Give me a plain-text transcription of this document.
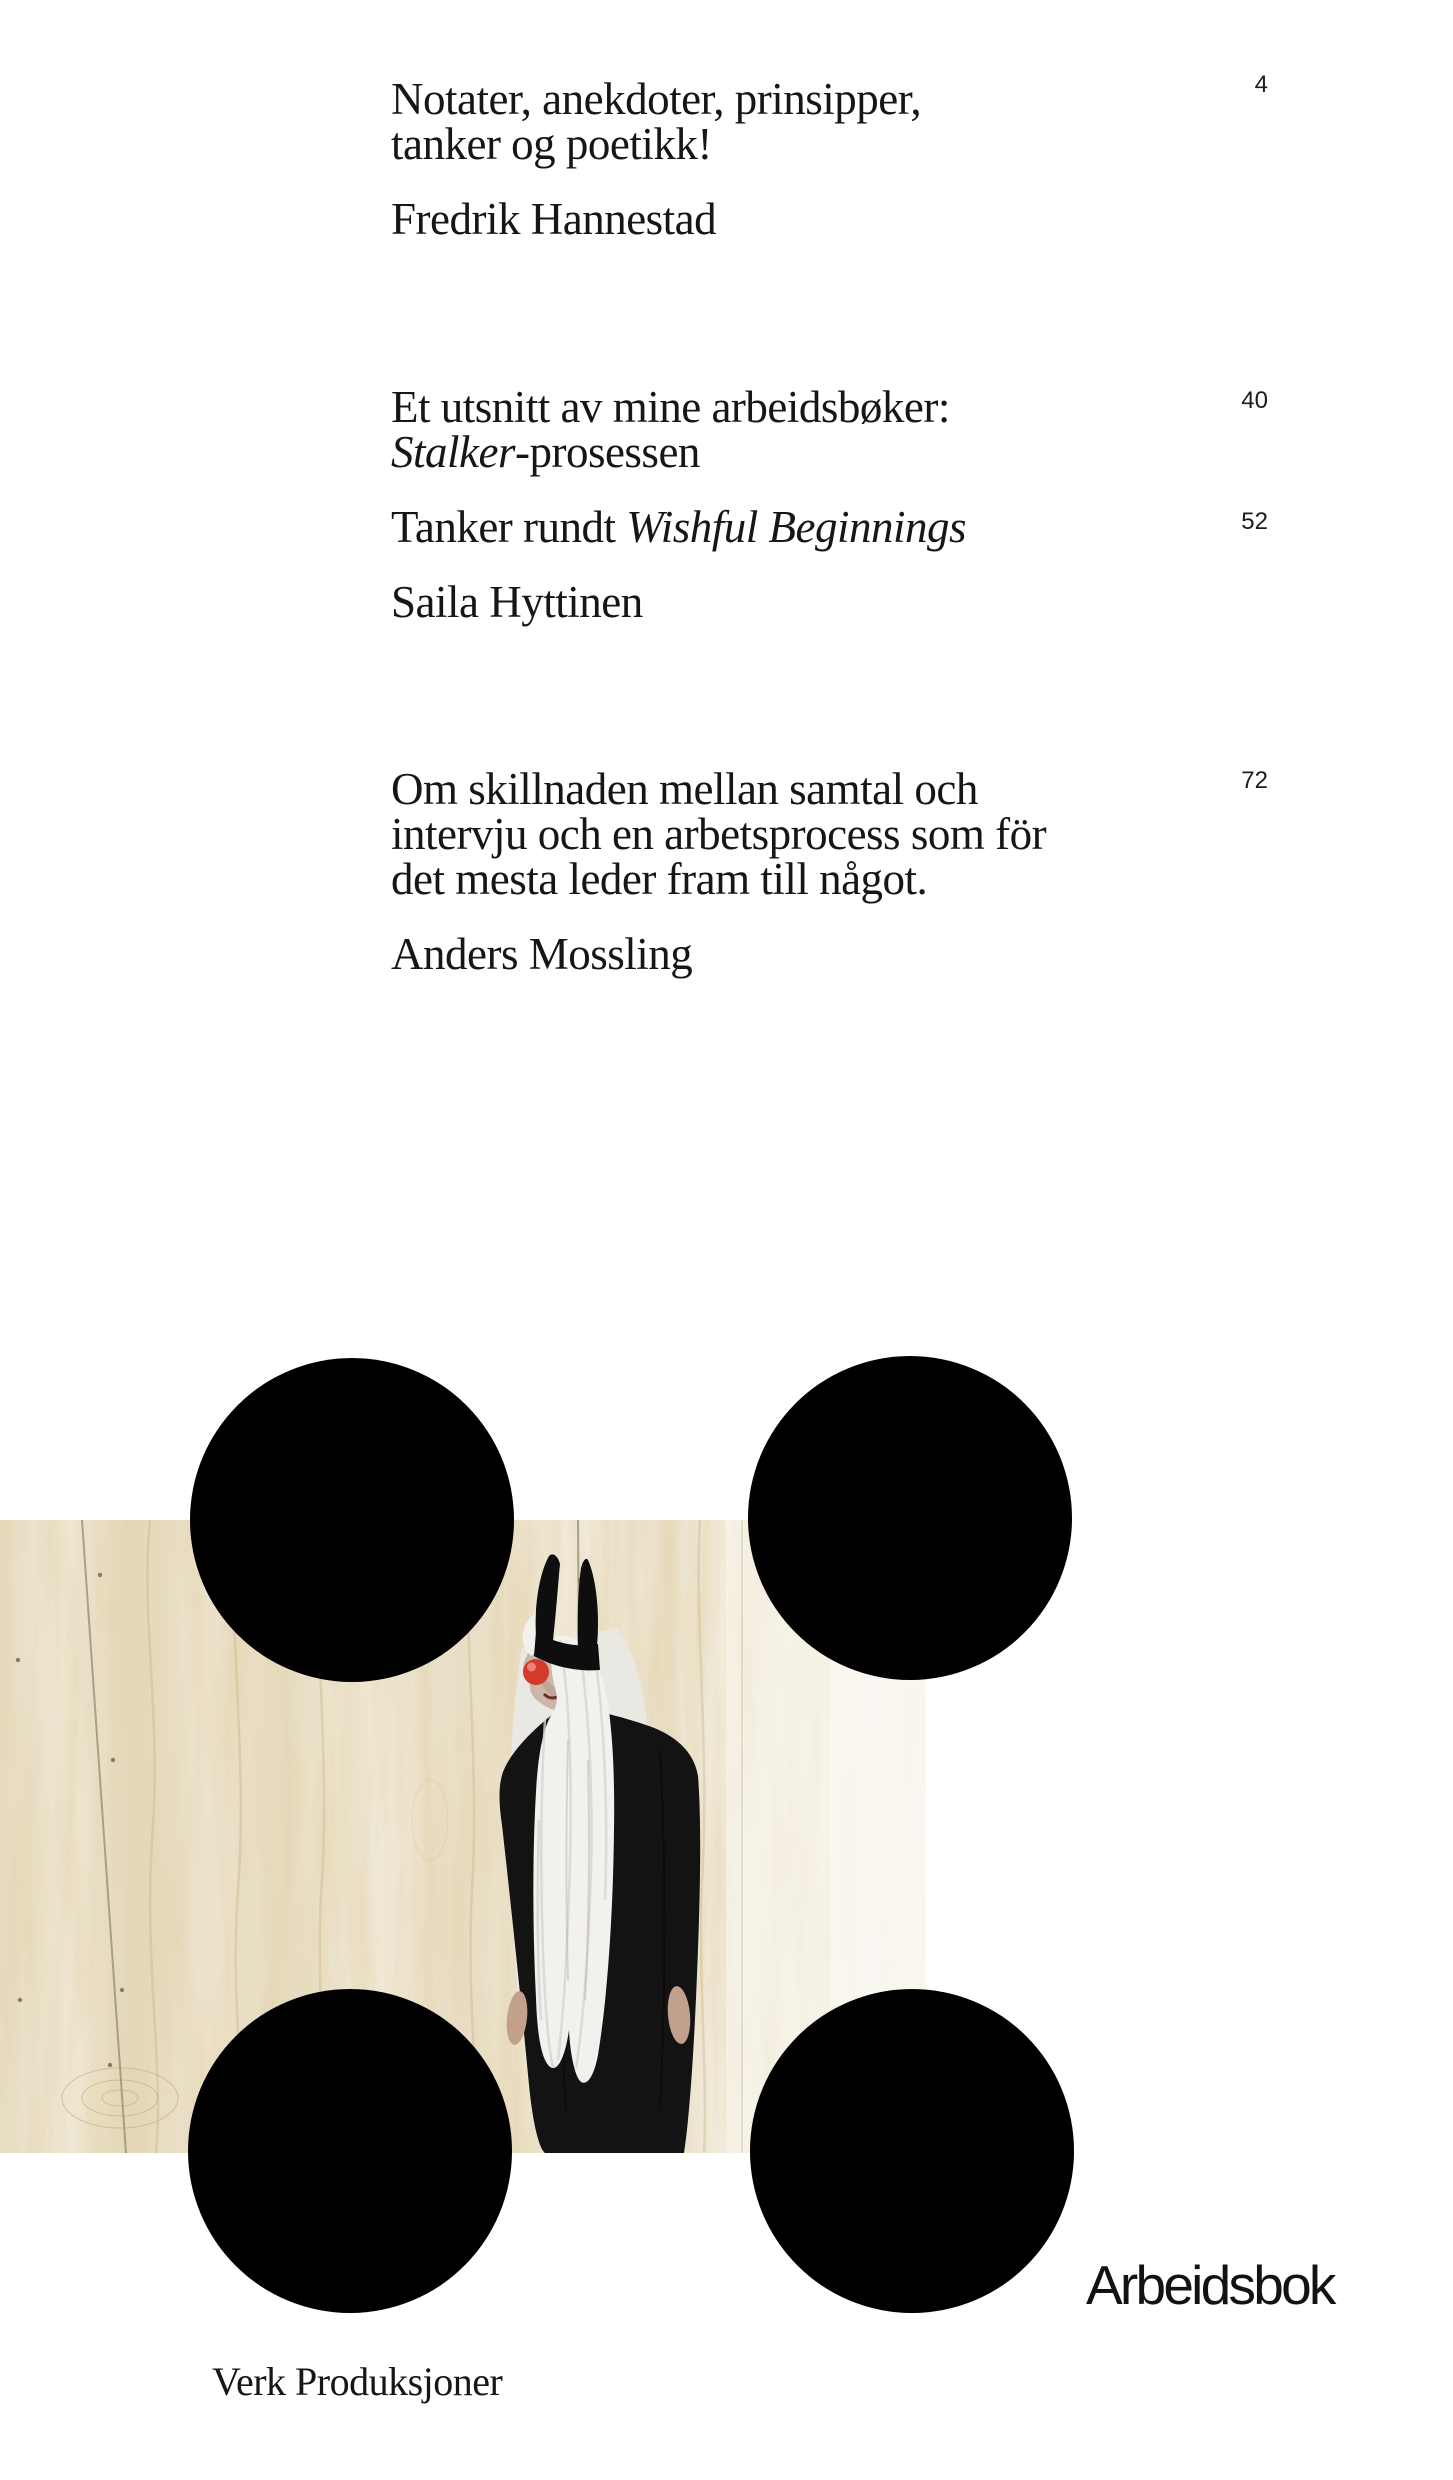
Notater, anekdoter, prinsipper,
tanker og poetikk!
Fredrik Hannestad
Et utsnitt av mine arbeidsbøker:
Stalker-prosessen
Tanker rundt Wishful Beginnings
Saila Hyttinen
Om skillnaden mellan samtal och
intervju och en arbetsprocess som för
det mesta leder fram till något.
Anders Mossling
4
40
52
72
Arbeidsbok
Verk Produksjoner
